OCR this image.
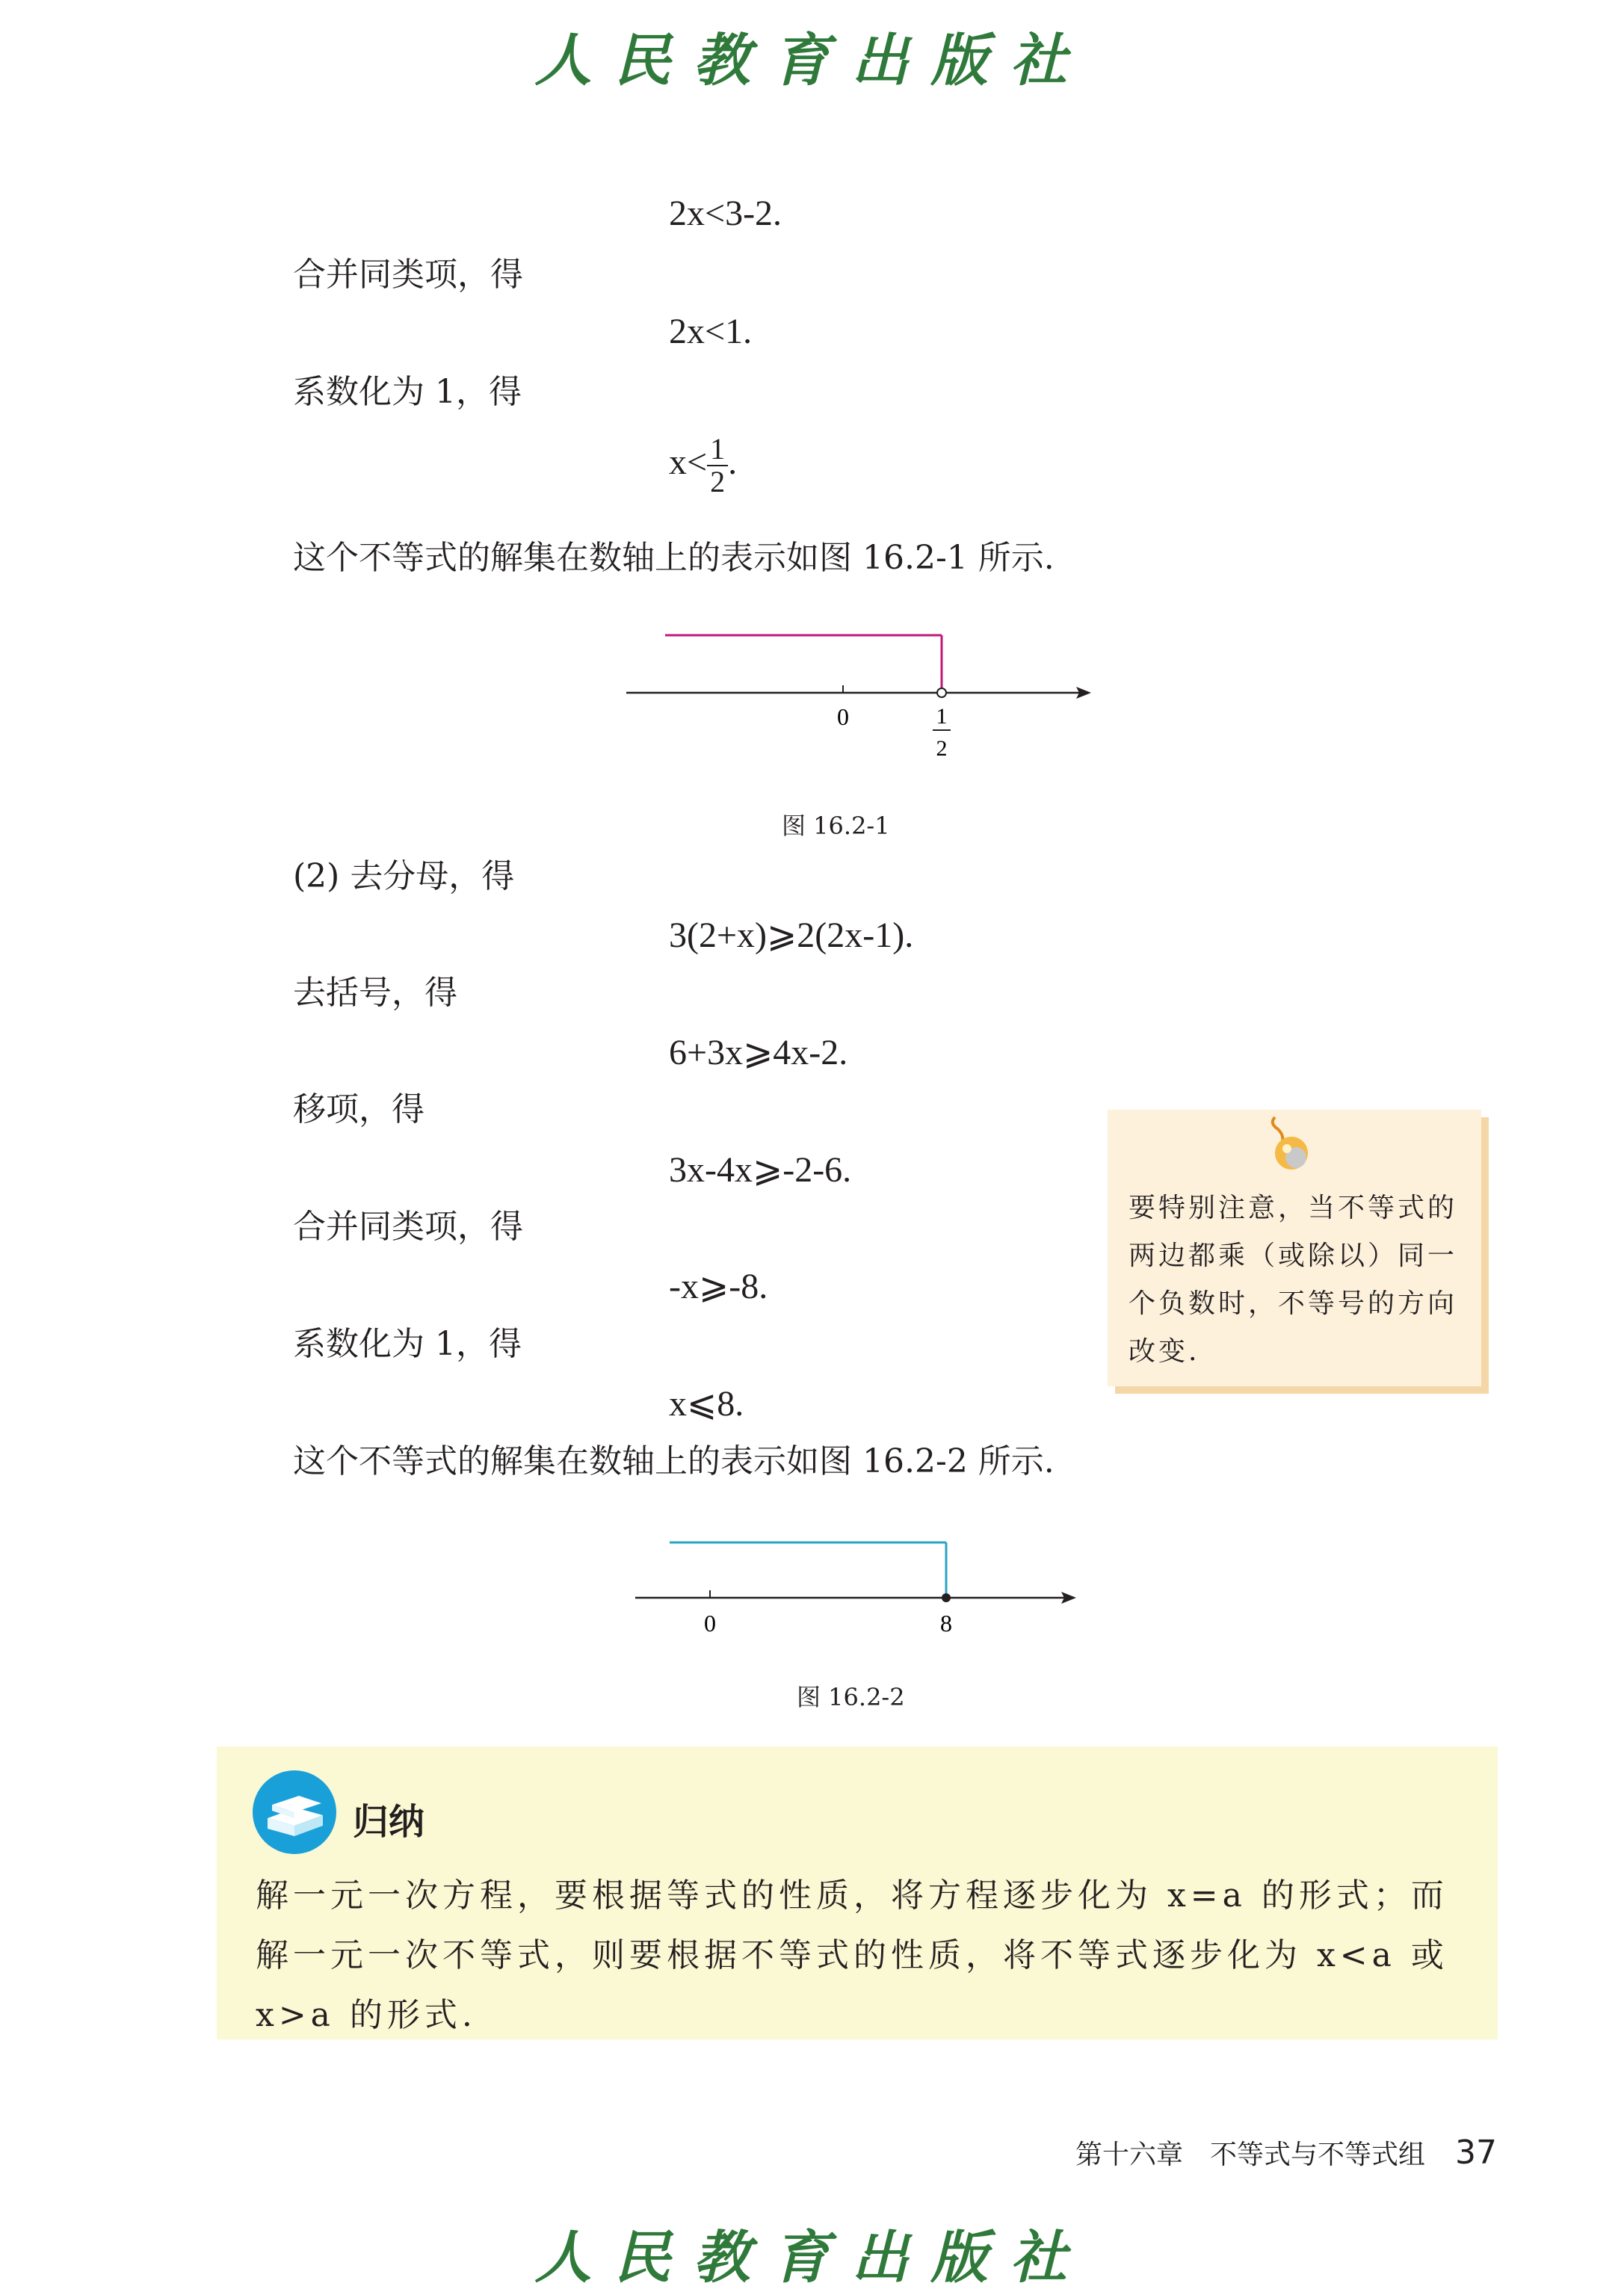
人民教育出版社
2x<3-2.
合并同类项，得
2x<1.
系数化为 1，得
$x< \frac{1}{2}$ .
这个不等式的解集在数轴上的表示如图 16.2-1 所示.
0	1
2
图 16.2-1
(2) 去分母，得
3(2+x)⩾2(2x-1).
去括号，得
6+3x⩾4x-2.
移项，得
3x-4x⩾-2-6.
合并同类项，得
-x⩾-8.
系数化为 1，得
x⩽8.
这个不等式的解集在数轴上的表示如图 16.2-2 所示.
要特别注意，当不等式的两边都乘（或除以）同一个负数时，不等号的方向改变.
0	8
图 16.2-2
归纳
解一元一次方程，要根据等式的性质，将方程逐步化为 x=a 的形式；而解一元一次不等式，则要根据不等式的性质，将不等式逐步化为 x<a 或 x>a 的形式.
第十六章　不等式与不等式组 37
人民教育出版社
